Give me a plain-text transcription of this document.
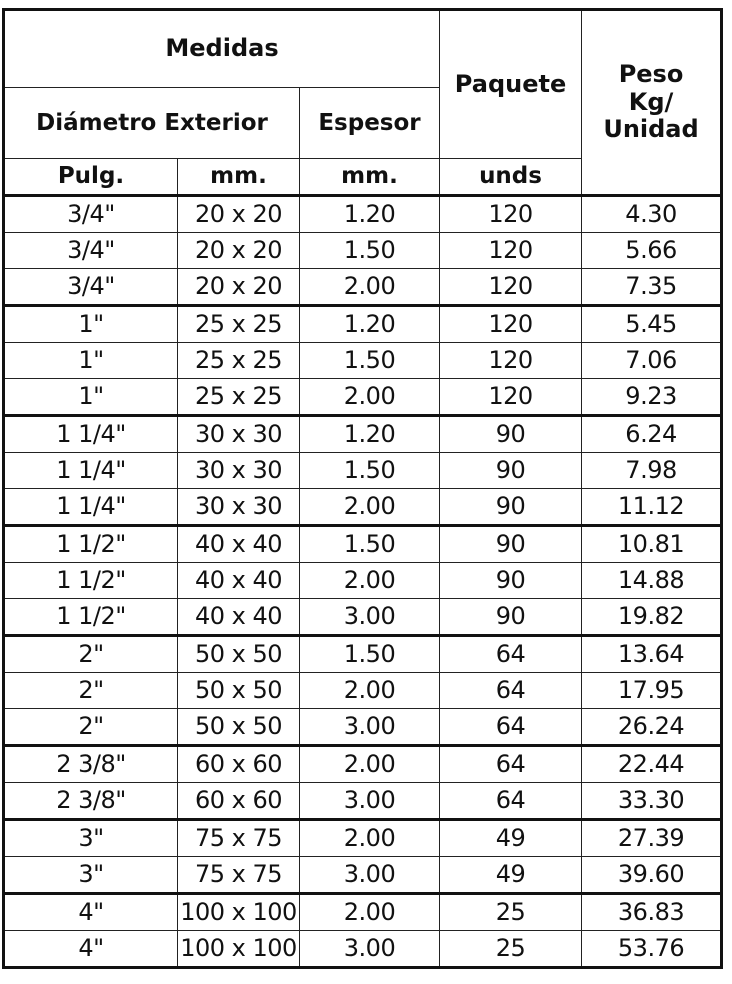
Medidas			Paquete	Peso
Kg/
Unidad

Diámetro Exterior		Espesor		
Pulg.	mm.	mm.	unds	
3/4"	20 x 20	1.20	120	4.30
3/4"	20 x 20	1.50	120	5.66
3/4"	20 x 20	2.00	120	7.35
1"	25 x 25	1.20	120	5.45
1"	25 x 25	1.50	120	7.06
1"	25 x 25	2.00	120	9.23
1 1/4"	30 x 30	1.20	90	6.24
1 1/4"	30 x 30	1.50	90	7.98
1 1/4"	30 x 30	2.00	90	11.12
1 1/2"	40 x 40	1.50	90	10.81
1 1/2"	40 x 40	2.00	90	14.88
1 1/2"	40 x 40	3.00	90	19.82
2"	50 x 50	1.50	64	13.64
2"	50 x 50	2.00	64	17.95
2"	50 x 50	3.00	64	26.24
2 3/8"	60 x 60	2.00	64	22.44
2 3/8"	60 x 60	3.00	64	33.30
3"	75 x 75	2.00	49	27.39
3"	75 x 75	3.00	49	39.60
4"	100 x 100	2.00	25	36.83
4"	100 x 100	3.00	25	53.76
